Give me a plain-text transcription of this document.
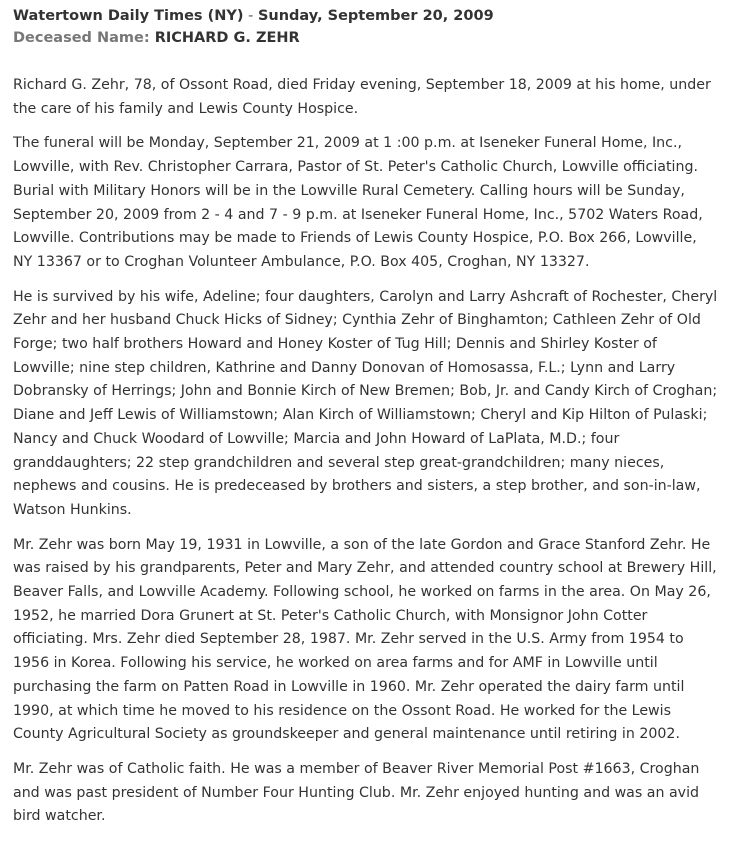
Watertown Daily Times (NY) - Sunday, September 20, 2009
Deceased Name: RICHARD G. ZEHR

Richard G. Zehr, 78, of Ossont Road, died Friday evening, September 18, 2009 at his home, under the care of his family and Lewis County Hospice.

The funeral will be Monday, September 21, 2009 at 1 :00 p.m. at Iseneker Funeral Home, Inc., Lowville, with Rev. Christopher Carrara, Pastor of St. Peter's Catholic Church, Lowville officiating. Burial with Military Honors will be in the Lowville Rural Cemetery. Calling hours will be Sunday, September 20, 2009 from 2 - 4 and 7 - 9 p.m. at Iseneker Funeral Home, Inc., 5702 Waters Road, Lowville. Contributions may be made to Friends of Lewis County Hospice, P.O. Box 266, Lowville, NY 13367 or to Croghan Volunteer Ambulance, P.O. Box 405, Croghan, NY 13327.

He is survived by his wife, Adeline; four daughters, Carolyn and Larry Ashcraft of Rochester, Cheryl Zehr and her husband Chuck Hicks of Sidney; Cynthia Zehr of Binghamton; Cathleen Zehr of Old Forge; two half brothers Howard and Honey Koster of Tug Hill; Dennis and Shirley Koster of Lowville; nine step children, Kathrine and Danny Donovan of Homosassa, F.L.; Lynn and Larry Dobransky of Herrings; John and Bonnie Kirch of New Bremen; Bob, Jr. and Candy Kirch of Croghan; Diane and Jeff Lewis of Williamstown; Alan Kirch of Williamstown; Cheryl and Kip Hilton of Pulaski; Nancy and Chuck Woodard of Lowville; Marcia and John Howard of LaPlata, M.D.; four granddaughters; 22 step grandchildren and several step great-grandchildren; many nieces, nephews and cousins. He is predeceased by brothers and sisters, a step brother, and son-in-law, Watson Hunkins.

Mr. Zehr was born May 19, 1931 in Lowville, a son of the late Gordon and Grace Stanford Zehr. He was raised by his grandparents, Peter and Mary Zehr, and attended country school at Brewery Hill, Beaver Falls, and Lowville Academy. Following school, he worked on farms in the area. On May 26, 1952, he married Dora Grunert at St. Peter's Catholic Church, with Monsignor John Cotter officiating. Mrs. Zehr died September 28, 1987. Mr. Zehr served in the U.S. Army from 1954 to 1956 in Korea. Following his service, he worked on area farms and for AMF in Lowville until purchasing the farm on Patten Road in Lowville in 1960. Mr. Zehr operated the dairy farm until 1990, at which time he moved to his residence on the Ossont Road. He worked for the Lewis County Agricultural Society as groundskeeper and general maintenance until retiring in 2002.

Mr. Zehr was of Catholic faith. He was a member of Beaver River Memorial Post #1663, Croghan and was past president of Number Four Hunting Club. Mr. Zehr enjoyed hunting and was an avid bird watcher.
